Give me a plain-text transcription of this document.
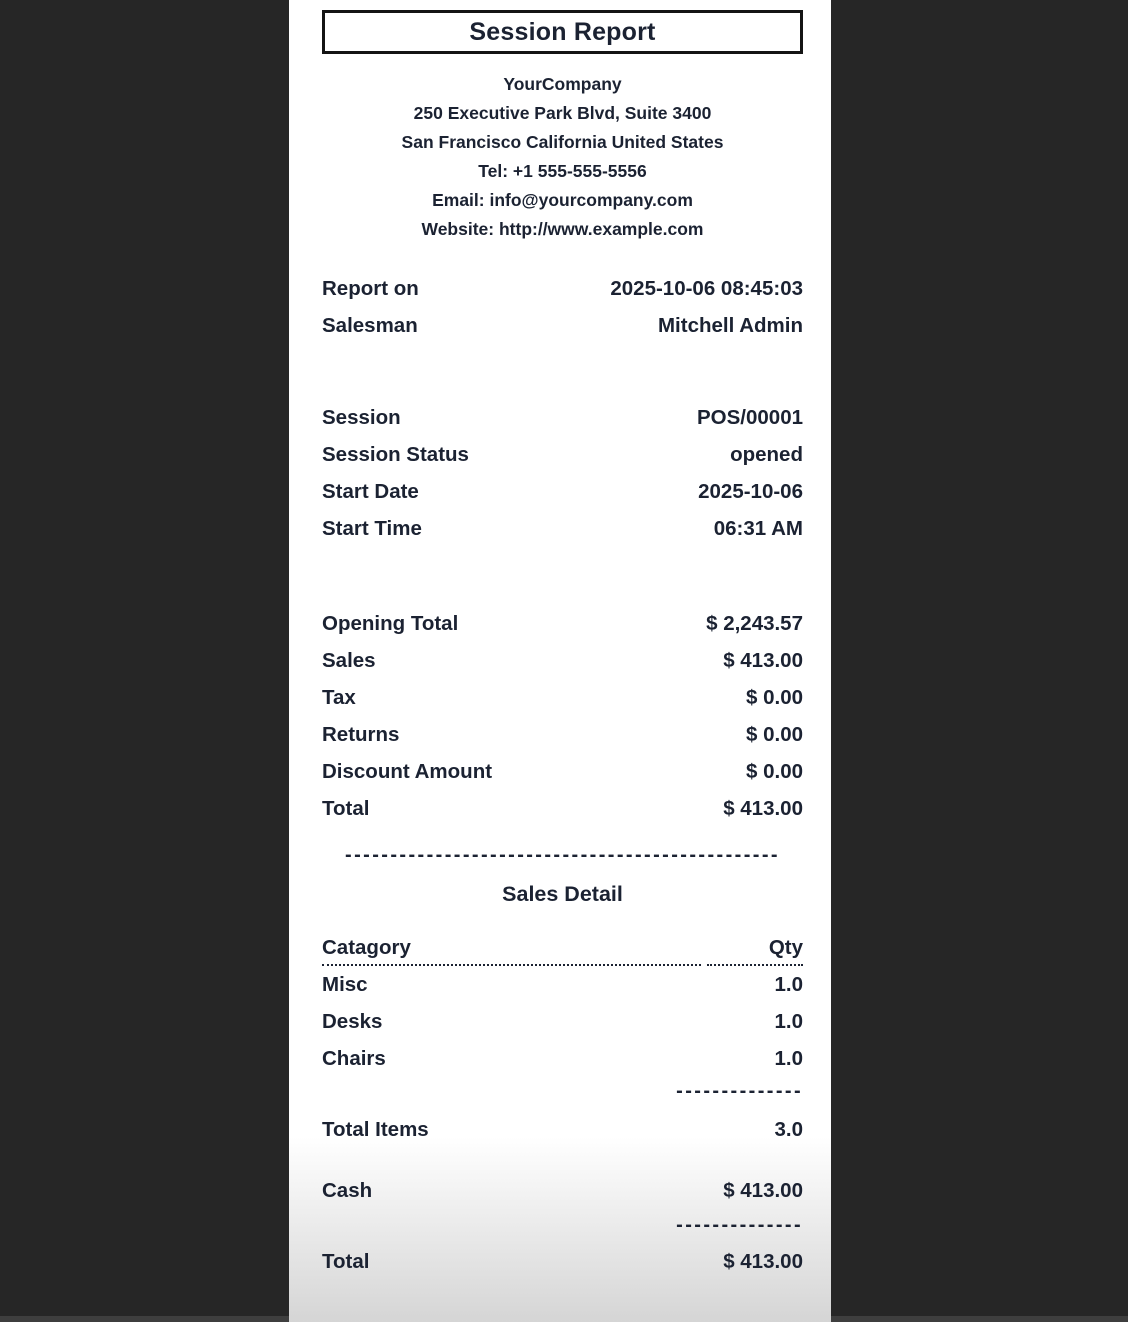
Session Report
YourCompany
250 Executive Park Blvd, Suite 3400
San Francisco California United States
Tel: +1 555-555-5556
Email: info@yourcompany.com
Website: http://www.example.com
Report on	2025-10-06 08:45:03
Salesman	Mitchell Admin
Session	POS/00001
Session Status	opened
Start Date	2025-10-06
Start Time	06:31 AM
Opening Total	$ 2,243.57
Sales	$ 413.00
Tax	$ 0.00
Returns	$ 0.00
Discount Amount	$ 0.00
Total	$ 413.00
------------------------------------------------
Sales Detail
Catagory	Qty
Misc	1.0
Desks	1.0
Chairs	1.0
--------------
Total Items	3.0
Cash	$ 413.00
--------------
Total	$ 413.00
